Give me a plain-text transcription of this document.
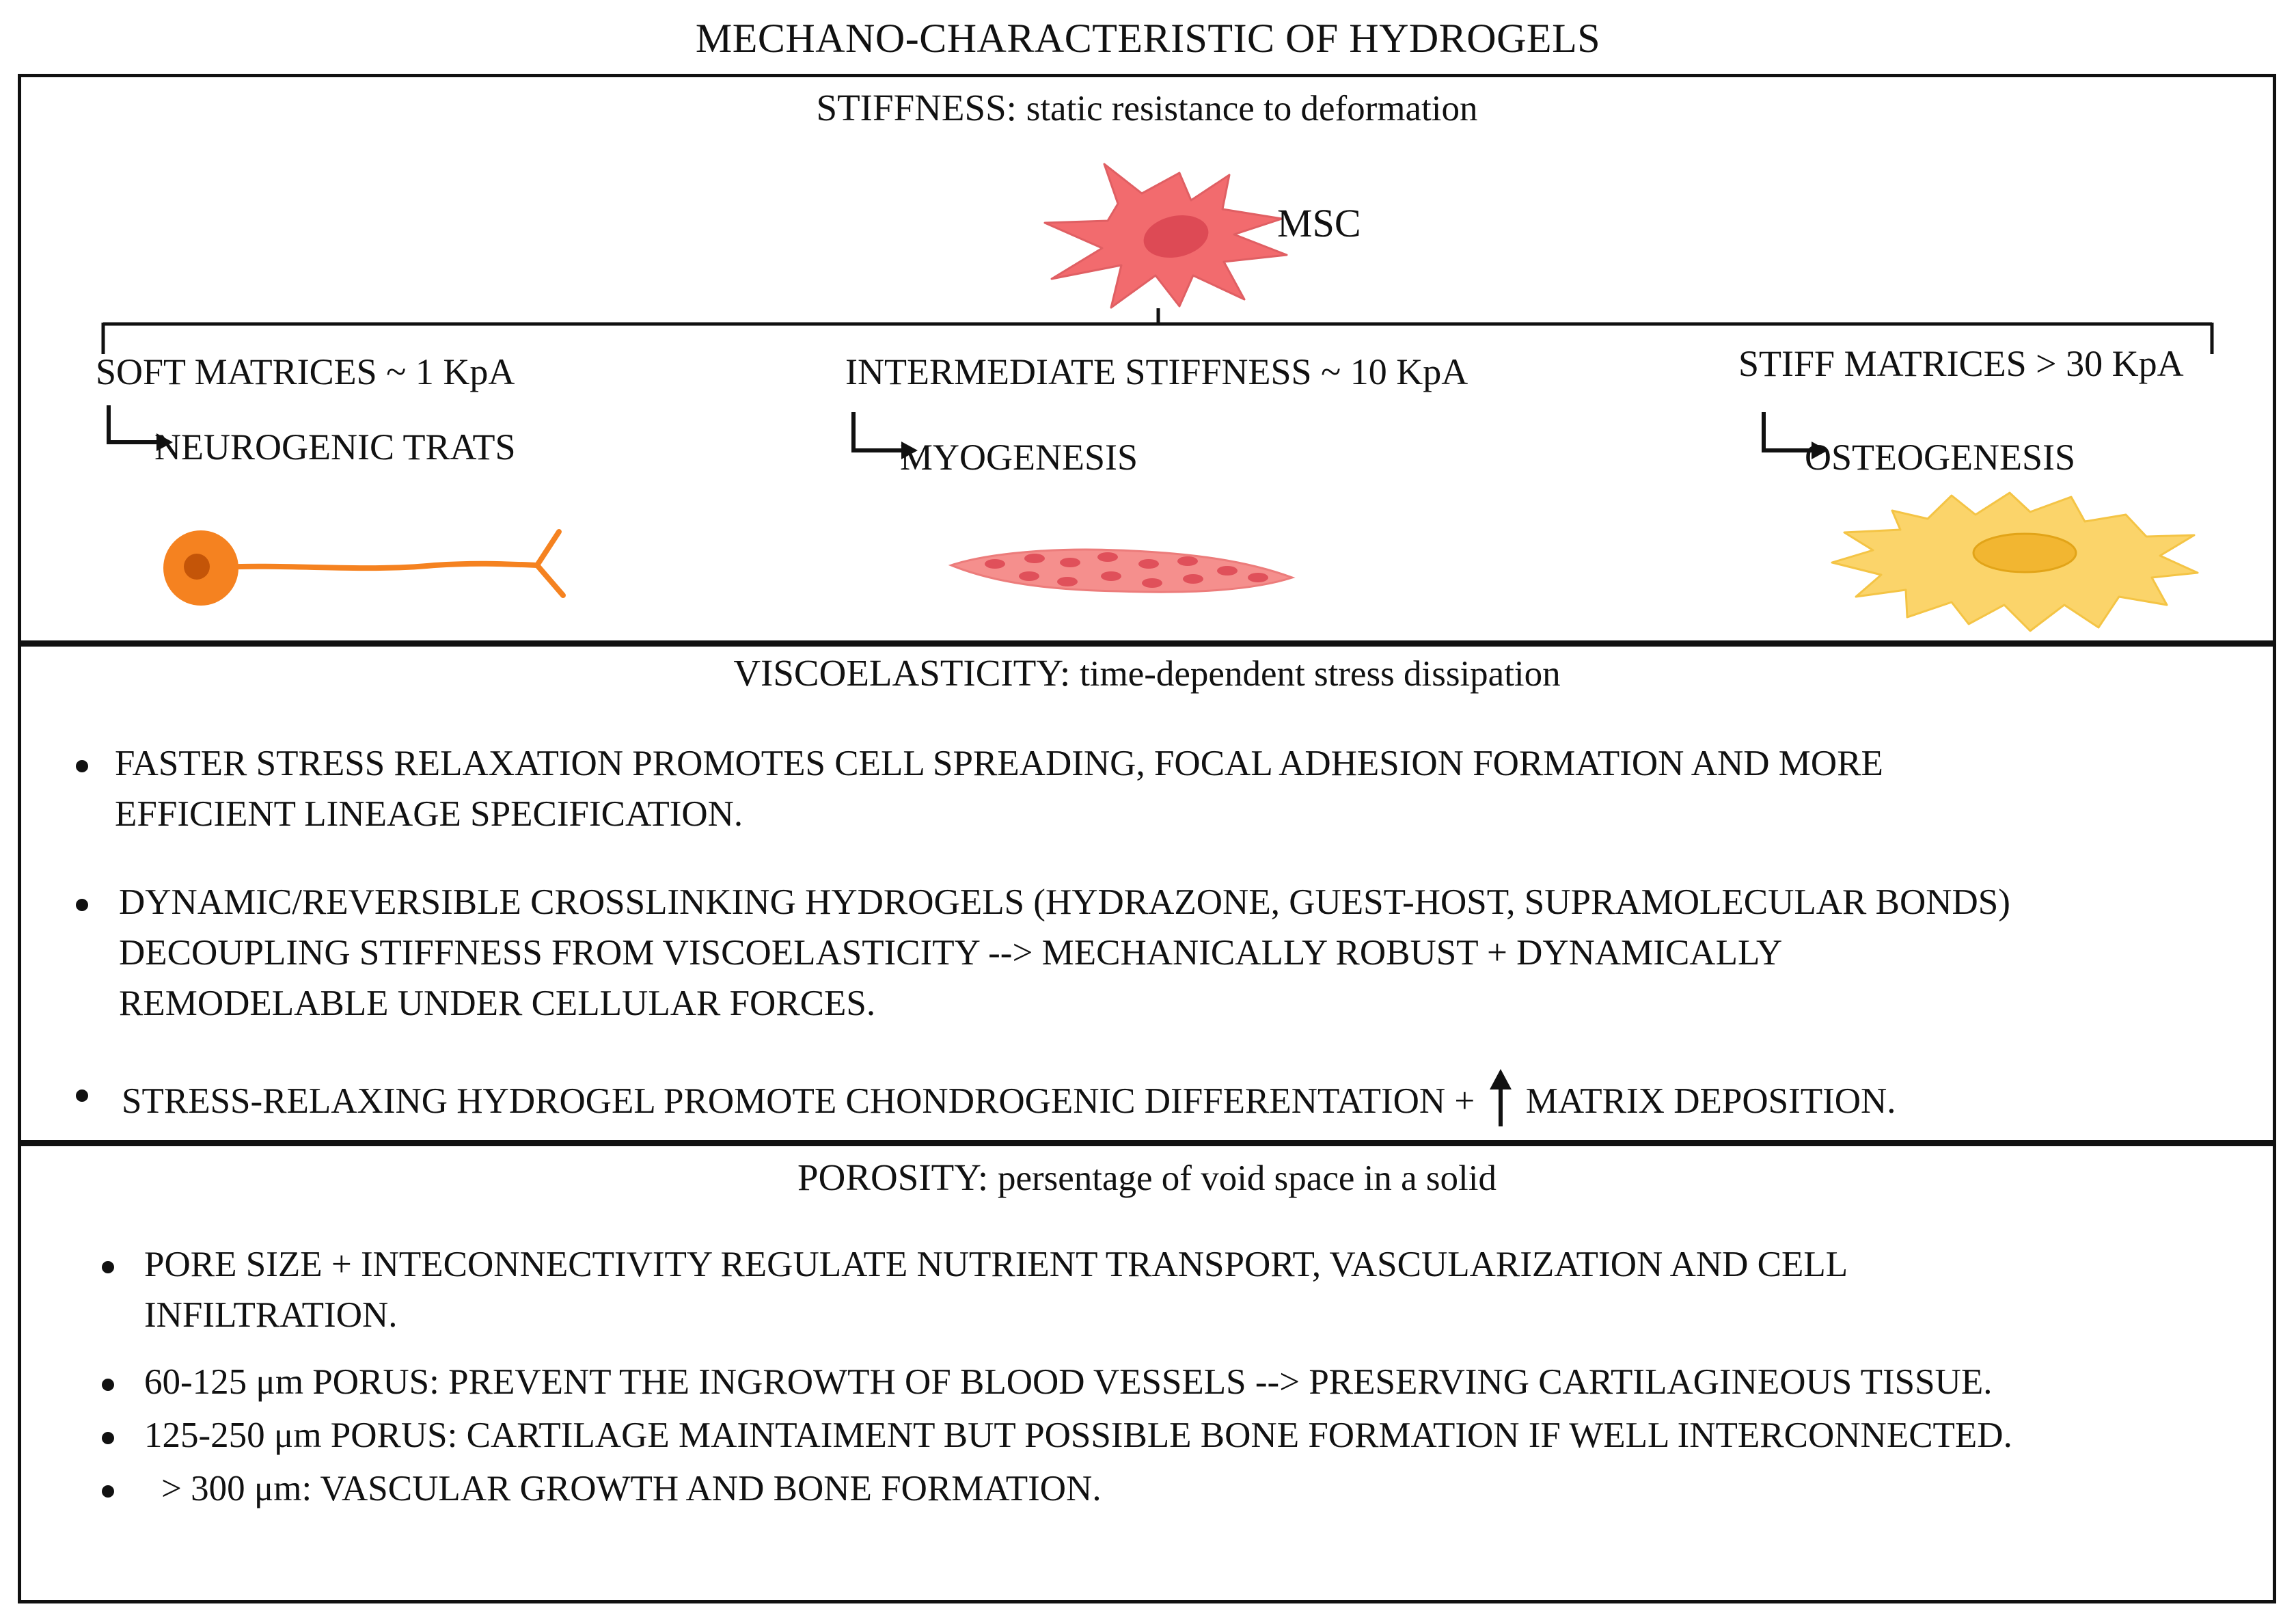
MECHANO-CHARACTERISTIC OF HYDROGELS
STIFFNESS: static resistance to deformation
MSC
SOFT MATRICES ~ 1 KpA
NEUROGENIC TRATS
INTERMEDIATE STIFFNESS ~ 10 KpA
MYOGENESIS
STIFF MATRICES > 30 KpA
OSTEOGENESIS
VISCOELASTICITY: time-dependent stress dissipation
FASTER STRESS RELAXATION PROMOTES CELL SPREADING, FOCAL ADHESION FORMATION AND MORE
EFFICIENT LINEAGE SPECIFICATION.
DYNAMIC/REVERSIBLE CROSSLINKING HYDROGELS (HYDRAZONE, GUEST-HOST, SUPRAMOLECULAR BONDS)
DECOUPLING STIFFNESS FROM VISCOELASTICITY --> MECHANICALLY ROBUST + DYNAMICALLY
REMODELABLE UNDER CELLULAR FORCES.
STRESS-RELAXING HYDROGEL PROMOTE CHONDROGENIC DIFFERENTATION + MATRIX DEPOSITION.
POROSITY: persentage of void space in a solid
PORE SIZE + INTECONNECTIVITY REGULATE NUTRIENT TRANSPORT, VASCULARIZATION AND CELL
INFILTRATION.
60-125 μm PORUS: PREVENT THE INGROWTH OF BLOOD VESSELS --> PRESERVING CARTILAGINEOUS TISSUE.
125-250 μm PORUS: CARTILAGE MAINTAIMENT BUT POSSIBLE BONE FORMATION IF WELL INTERCONNECTED.
> 300 μm: VASCULAR GROWTH AND BONE FORMATION.
